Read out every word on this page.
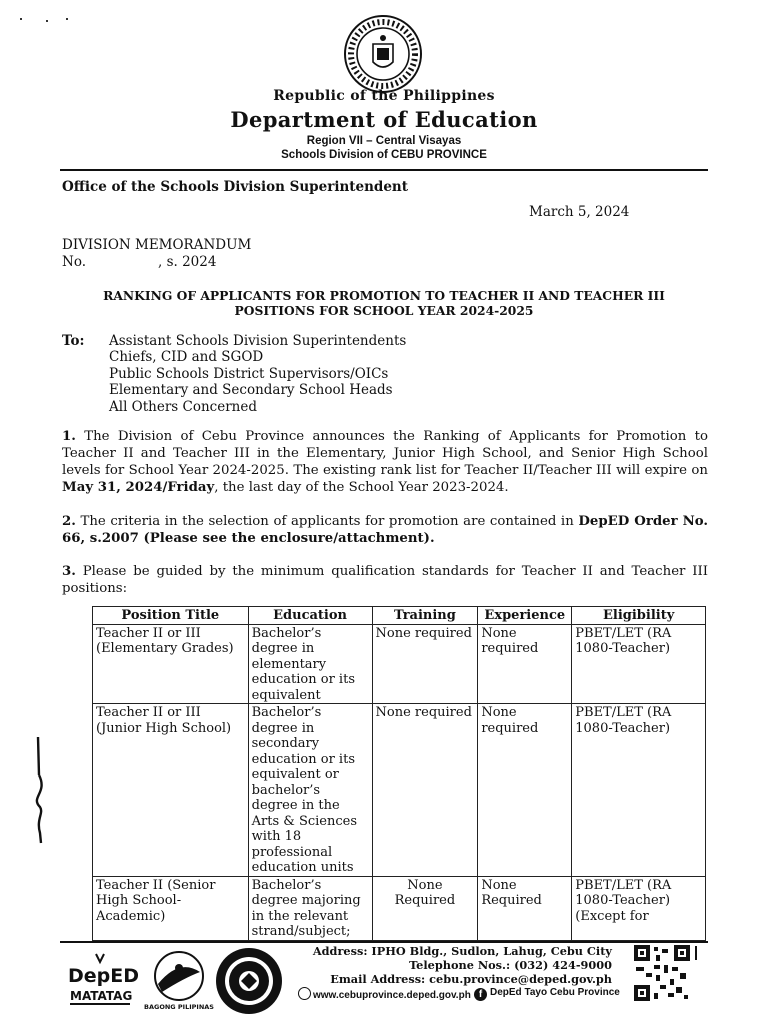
Republic of the Philippines
Department of Education
Region VII – Central Visayas
Schools Division of CEBU PROVINCE
Office of the Schools Division Superintendent
March 5, 2024
DIVISION MEMORANDUM
No.	, s. 2024
RANKING OF APPLICANTS FOR PROMOTION TO TEACHER II AND TEACHER III
POSITIONS FOR SCHOOL YEAR 2024-2025
To: Assistant Schools Division Superintendents
Chiefs, CID and SGOD
Public Schools District Supervisors/OICs
Elementary and Secondary School Heads
All Others Concerned
1. The Division of Cebu Province announces the Ranking of Applicants for Promotion to Teacher II and Teacher III in the Elementary, Junior High School, and Senior High School levels for School Year 2024-2025. The existing rank list for Teacher II/Teacher III will expire on May 31, 2024/Friday, the last day of the School Year 2023-2024.
2. The criteria in the selection of applicants for promotion are contained in DepED Order No. 66, s.2007 (Please see the enclosure/attachment).
3. Please be guided by the minimum qualification standards for Teacher II and Teacher III positions:
Position Title	Education	Training	Experience	Eligibility
Teacher II or III (Elementary Grades)	Bachelor’s degree in elementary education or its equivalent	None required	None required	PBET/LET (RA 1080-Teacher)
Teacher II or III (Junior High School)	Bachelor’s degree in secondary education or its equivalent or bachelor’s degree in the Arts & Sciences with 18 professional education units	None required	None required	PBET/LET (RA 1080-Teacher)
Teacher II (Senior High School- Academic)	Bachelor’s degree majoring in the relevant strand/subject;	None Required	None Required	PBET/LET (RA 1080-Teacher) (Except for
DepED
MATATAG
BAGONG PILIPINAS
Address: IPHO Bldg., Sudlon, Lahug, Cebu City
Telephone Nos.: (032) 424-9000
Email Address: cebu.province@deped.gov.ph
www.cebuprovince.deped.gov.ph f DepEd Tayo Cebu Province
